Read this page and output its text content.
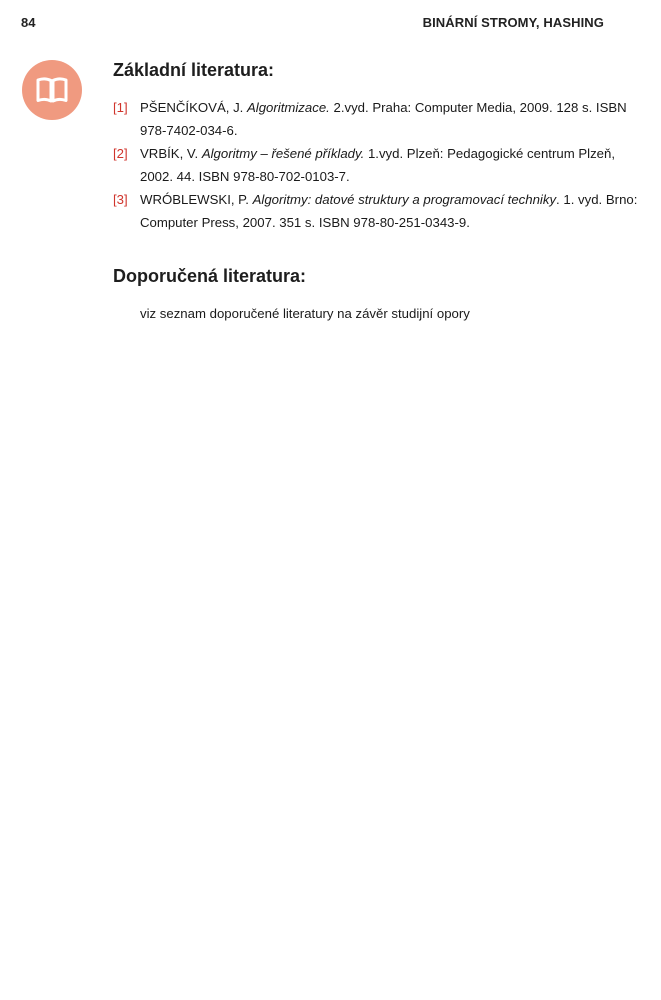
84	BINÁRNÍ STROMY, HASHING
Základní literatura:
[1] PŠENČÍKOVÁ, J. Algoritmizace. 2.vyd. Praha: Computer Media, 2009. 128 s. ISBN 978-7402-034-6.
[2] VRBÍK, V. Algoritmy – řešené příklady. 1.vyd. Plzeň: Pedagogické centrum Plzeň, 2002. 44. ISBN 978-80-702-0103-7.
[3] WRÓBLEWSKI, P. Algoritmy: datové struktury a programovací techniky. 1. vyd. Brno: Computer Press, 2007. 351 s. ISBN 978-80-251-0343-9.
Doporučená literatura:

viz seznam doporučené literatury na závěr studijní opory
